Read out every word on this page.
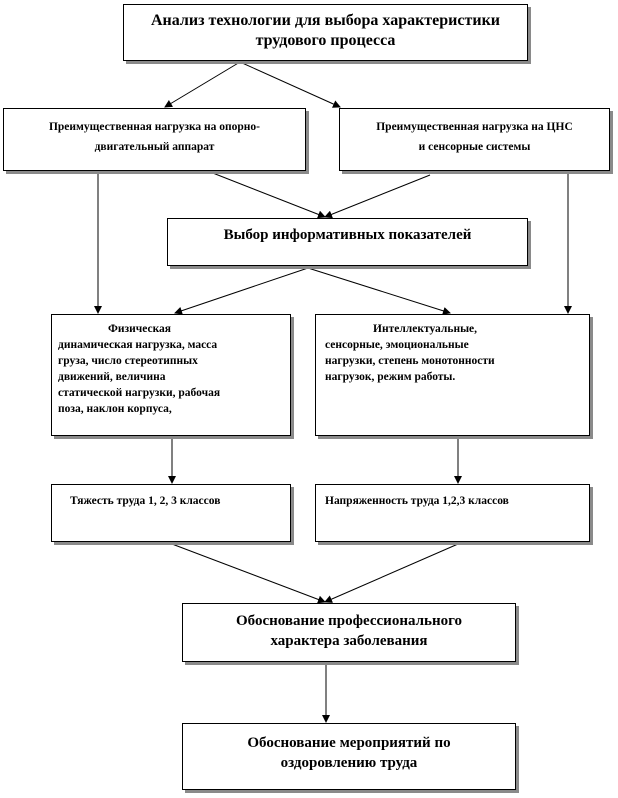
Анализ технологии для выбора характеристики
трудового процесса
Преимущественная нагрузка на опорно-
двигательный аппарат
Преимущественная нагрузка на ЦНС
и сенсорные системы
Выбор информативных показателей
Физическая
динамическая нагрузка, масса
груза, число стереотипных
движений, величина
статической нагрузки, рабочая
поза, наклон корпуса,
Интеллектуальные,
сенсорные, эмоциональные
нагрузки, степень монотонности
нагрузок, режим работы.
Тяжесть труда 1, 2, 3 классов	Напряженность труда 1,2,3 классов
Обоснование профессионального
характера заболевания
Обоснование мероприятий по
оздоровлению труда
